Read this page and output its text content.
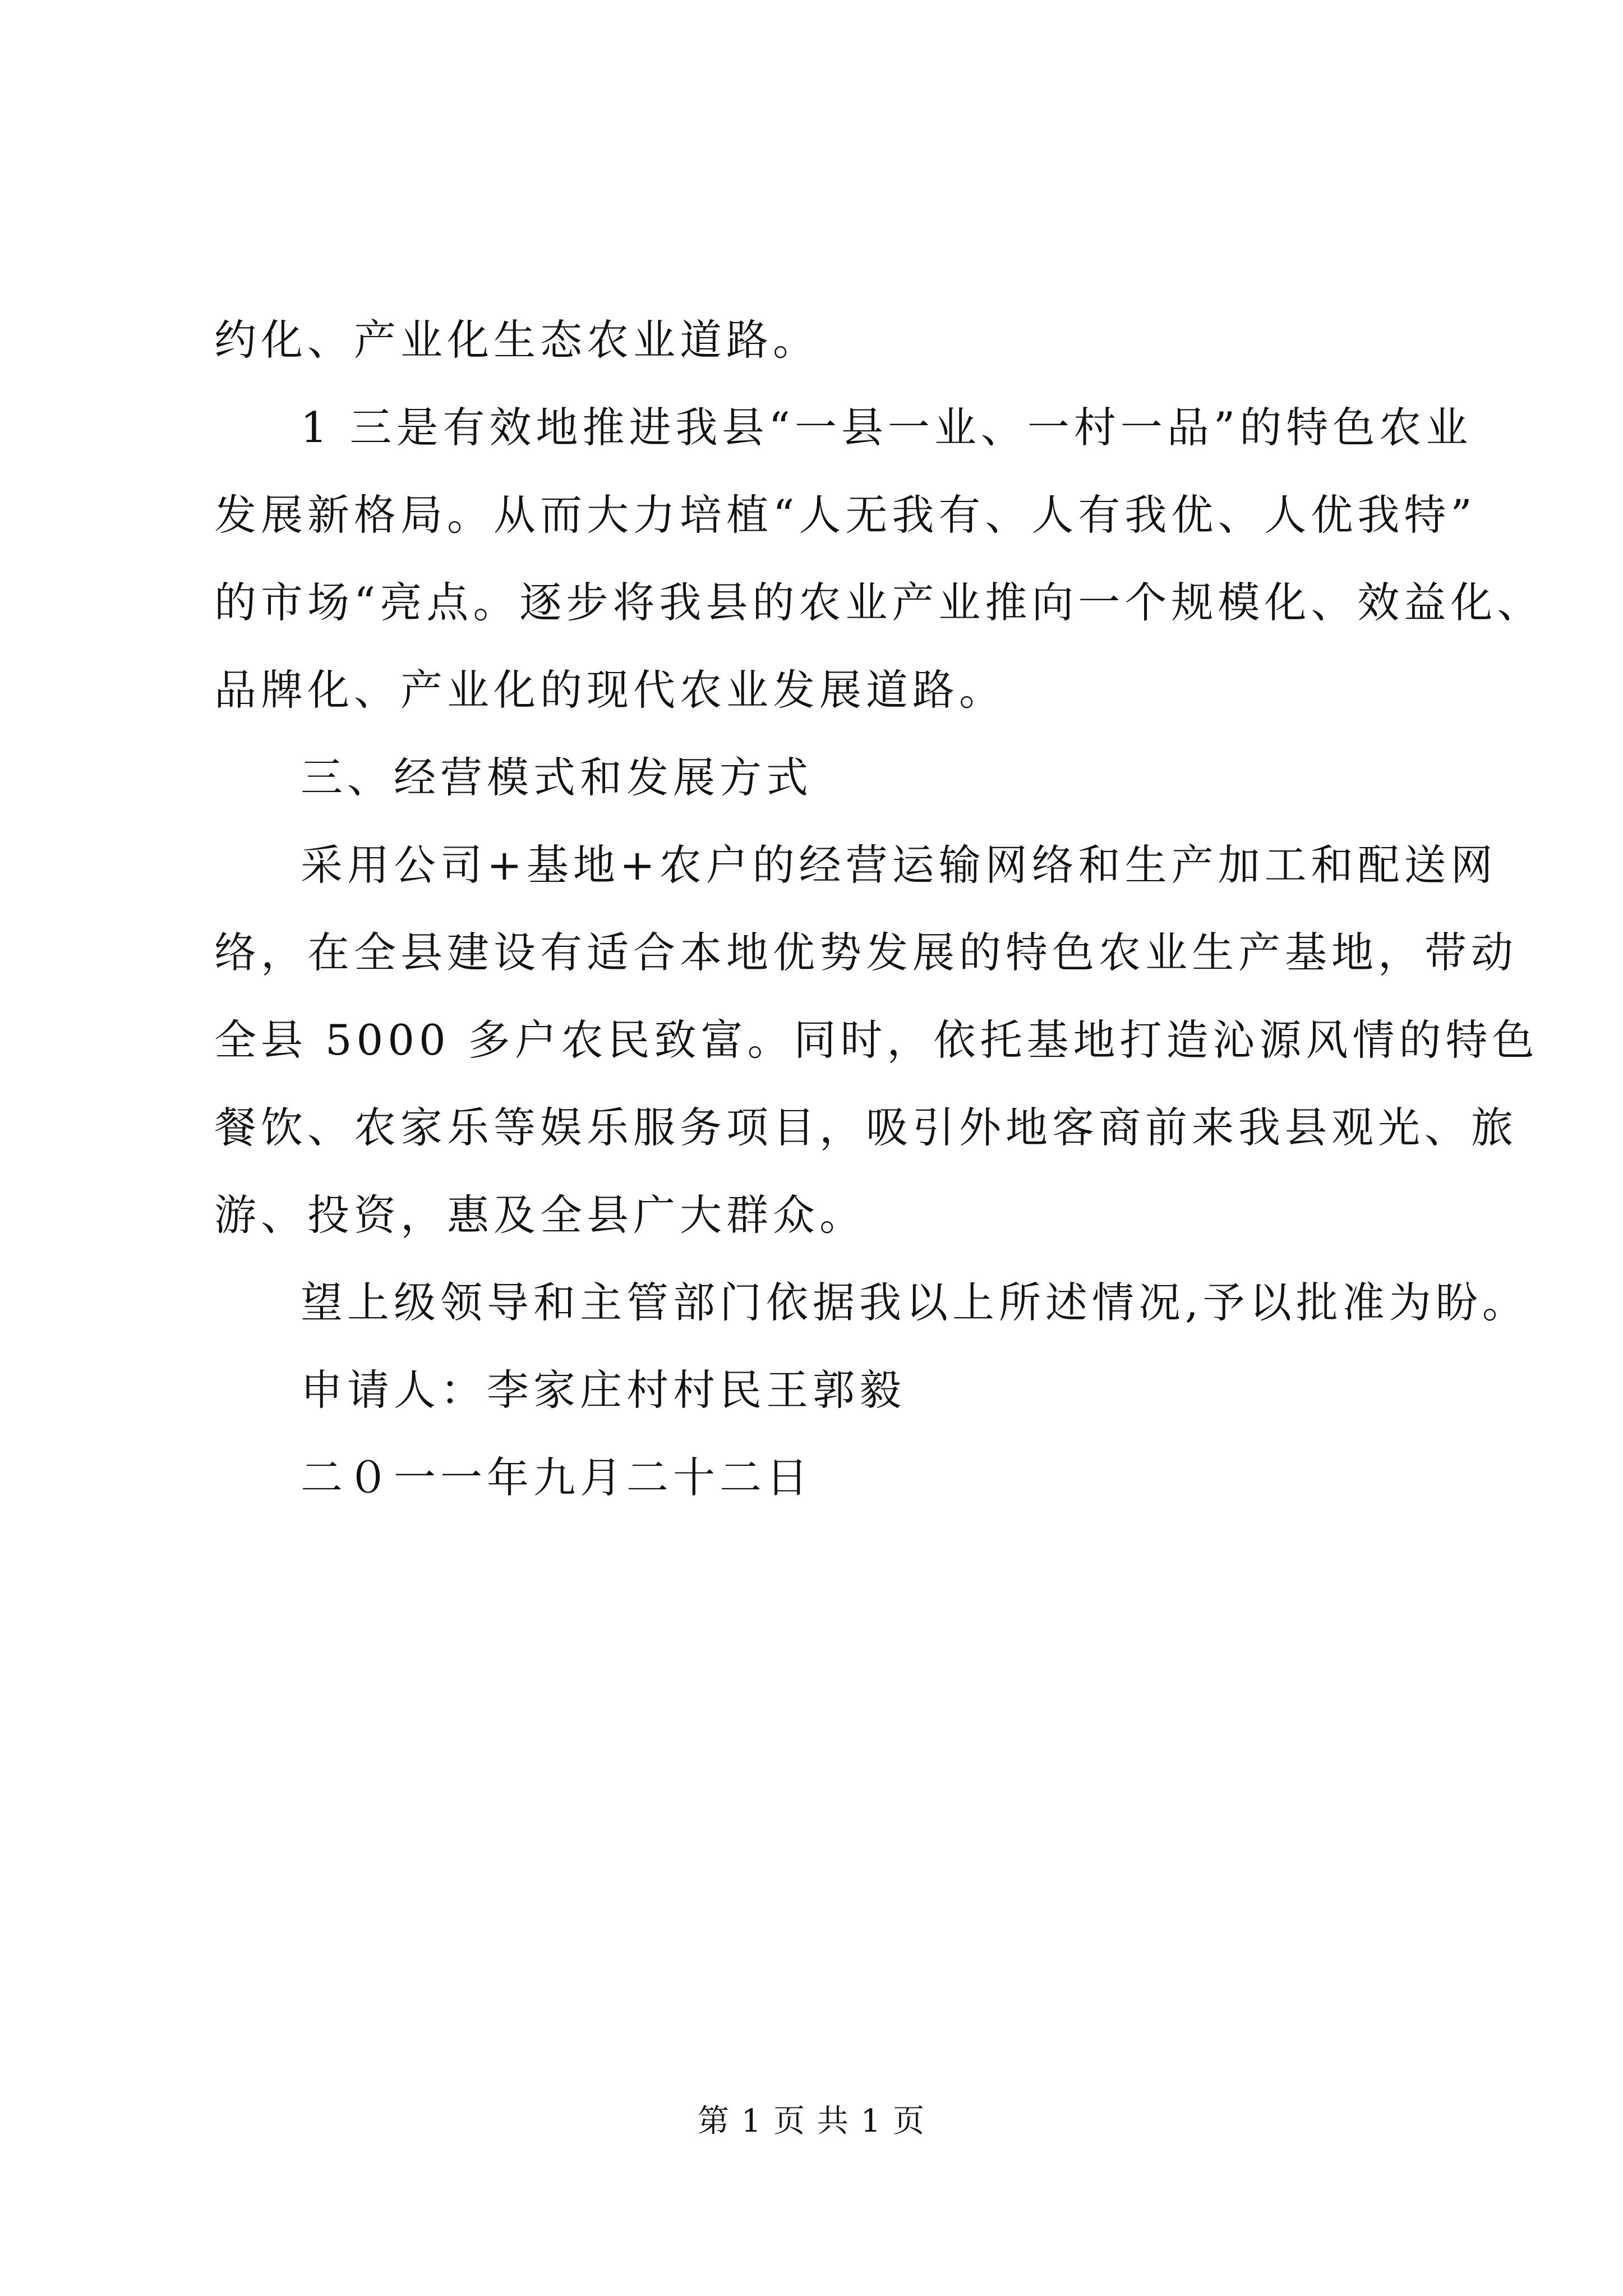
约化、产业化生态农业道路。
1 三是有效地推进我县“一县一业、一村一品”的特色农业
发展新格局。从而大力培植“人无我有、人有我优、人优我特”
的市场“亮点。逐步将我县的农业产业推向一个规模化、效益化、
品牌化、产业化的现代农业发展道路。
三、经营模式和发展方式
采用公司+基地+农户的经营运输网络和生产加工和配送网
络，在全县建设有适合本地优势发展的特色农业生产基地，带动
全县 5000 多户农民致富。同时，依托基地打造沁源风情的特色
餐饮、农家乐等娱乐服务项目，吸引外地客商前来我县观光、旅
游、投资，惠及全县广大群众。
望上级领导和主管部门依据我以上所述情况,予以批准为盼。
申请人：李家庄村村民王郭毅
二０一一年九月二十二日
第 1 页 共 1 页
